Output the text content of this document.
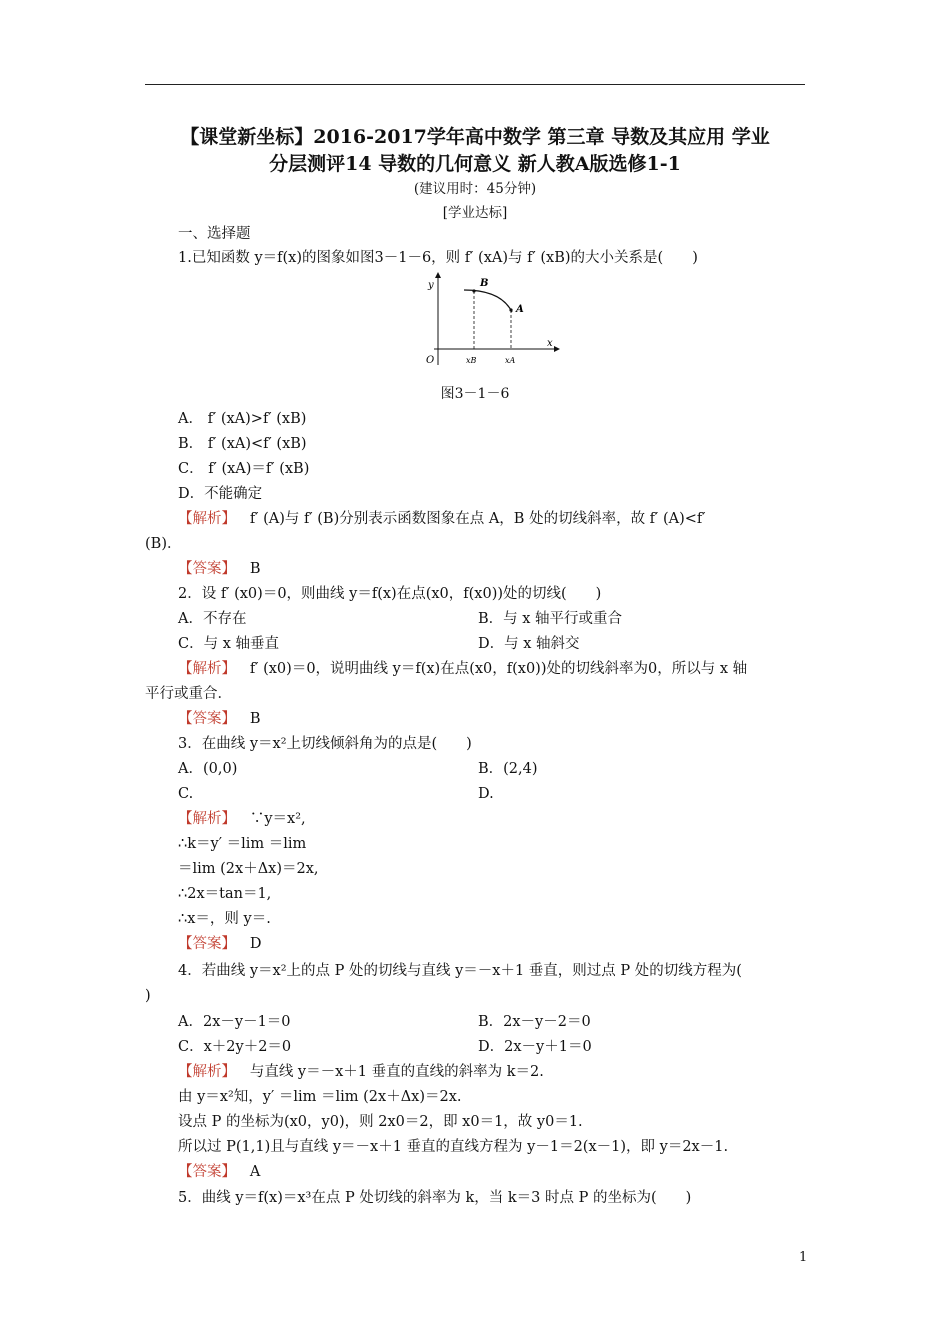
【课堂新坐标】2016-2017学年高中数学 第三章 导数及其应用 学业
分层测评14 导数的几何意义 新人教A版选修1-1
(建议用时：45分钟)
[学业达标]
一、选择题
1.已知函数 y＝f(x)的图象如图3－1－6，则 f′ (xA)与 f′ (xB)的大小关系是(　　)
y
x
O
B
A
xB	xA
图3－1－6
A． f′ (xA)>f′ (xB)
B． f′ (xA)<f′ (xB)
C． f′ (xA)＝f′ (xB)
D．不能确定
【解析】 f′ (A)与 f′ (B)分别表示函数图象在点 A，B 处的切线斜率，故 f′ (A)<f′
(B)．
【答案】 B
2．设 f′ (x0)＝0，则曲线 y＝f(x)在点(x0，f(x0))处的切线(　　)
A．不存在	B．与 x 轴平行或重合
C．与 x 轴垂直	D．与 x 轴斜交
【解析】 f′ (x0)＝0，说明曲线 y＝f(x)在点(x0，f(x0))处的切线斜率为0，所以与 x 轴
平行或重合．
【答案】 B
3．在曲线 y＝x²上切线倾斜角为的点是(　　)
A．(0,0)	B．(2,4)
C.	D.
【解析】 ∵y＝x²,
∴k＝y′ ＝lim ＝lim
＝lim (2x＋Δx)＝2x,
∴2x＝tan＝1,
∴x＝，则 y＝.
【答案】 D
4．若曲线 y＝x²上的点 P 处的切线与直线 y＝－x＋1 垂直，则过点 P 处的切线方程为(
)
A．2x－y－1＝0	B．2x－y－2＝0
C．x＋2y＋2＝0	D．2x－y＋1＝0
【解析】 与直线 y＝－x＋1 垂直的直线的斜率为 k＝2.
由 y＝x²知，y′ ＝lim ＝lim (2x＋Δx)＝2x.
设点 P 的坐标为(x0，y0)，则 2x0＝2，即 x0＝1，故 y0＝1.
所以过 P(1,1)且与直线 y＝－x＋1 垂直的直线方程为 y－1＝2(x－1)，即 y＝2x－1.
【答案】 A
5．曲线 y＝f(x)＝x³在点 P 处切线的斜率为 k，当 k＝3 时点 P 的坐标为(　　)
1
